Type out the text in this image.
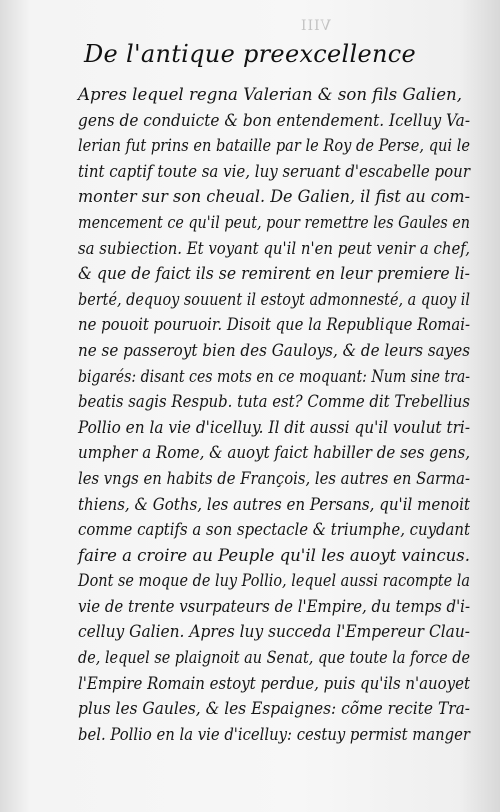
VIII
De l'antique preexcellence
Apres lequel regna Valerian & son fils Galien,
gens de conduicte & bon entendement. Icelluy Va-
lerian fut prins en bataille par le Roy de Perse, qui le
tint captif toute sa vie, luy seruant d'escabelle pour
monter sur son cheual. De Galien, il fist au com-
mencement ce qu'il peut, pour remettre les Gaules en
sa subiection. Et voyant qu'il n'en peut venir a chef,
& que de faict ils se remirent en leur premiere li-
berté, dequoy souuent il estoyt admonnesté, a quoy il
ne pouoit pouruoir. Disoit que la Republique Romai-
ne se passeroyt bien des Gauloys, & de leurs sayes
bigarés: disant ces mots en ce moquant: Num sine tra-
beatis sagis Respub. tuta est? Comme dit Trebellius
Pollio en la vie d'icelluy. Il dit aussi qu'il voulut tri-
umpher a Rome, & auoyt faict habiller de ses gens,
les vngs en habits de François, les autres en Sarma-
thiens, & Goths, les autres en Persans, qu'il menoit
comme captifs a son spectacle & triumphe, cuydant
faire a croire au Peuple qu'il les auoyt vaincus.
Dont se moque de luy Pollio, lequel aussi racompte la
vie de trente vsurpateurs de l'Empire, du temps d'i-
celluy Galien. Apres luy succeda l'Empereur Clau-
de, lequel se plaignoit au Senat, que toute la force de
l'Empire Romain estoyt perdue, puis qu'ils n'auoyet
plus les Gaules, & les Espaignes: cõme recite Tra-
bel. Pollio en la vie d'icelluy: cestuy permist manger
